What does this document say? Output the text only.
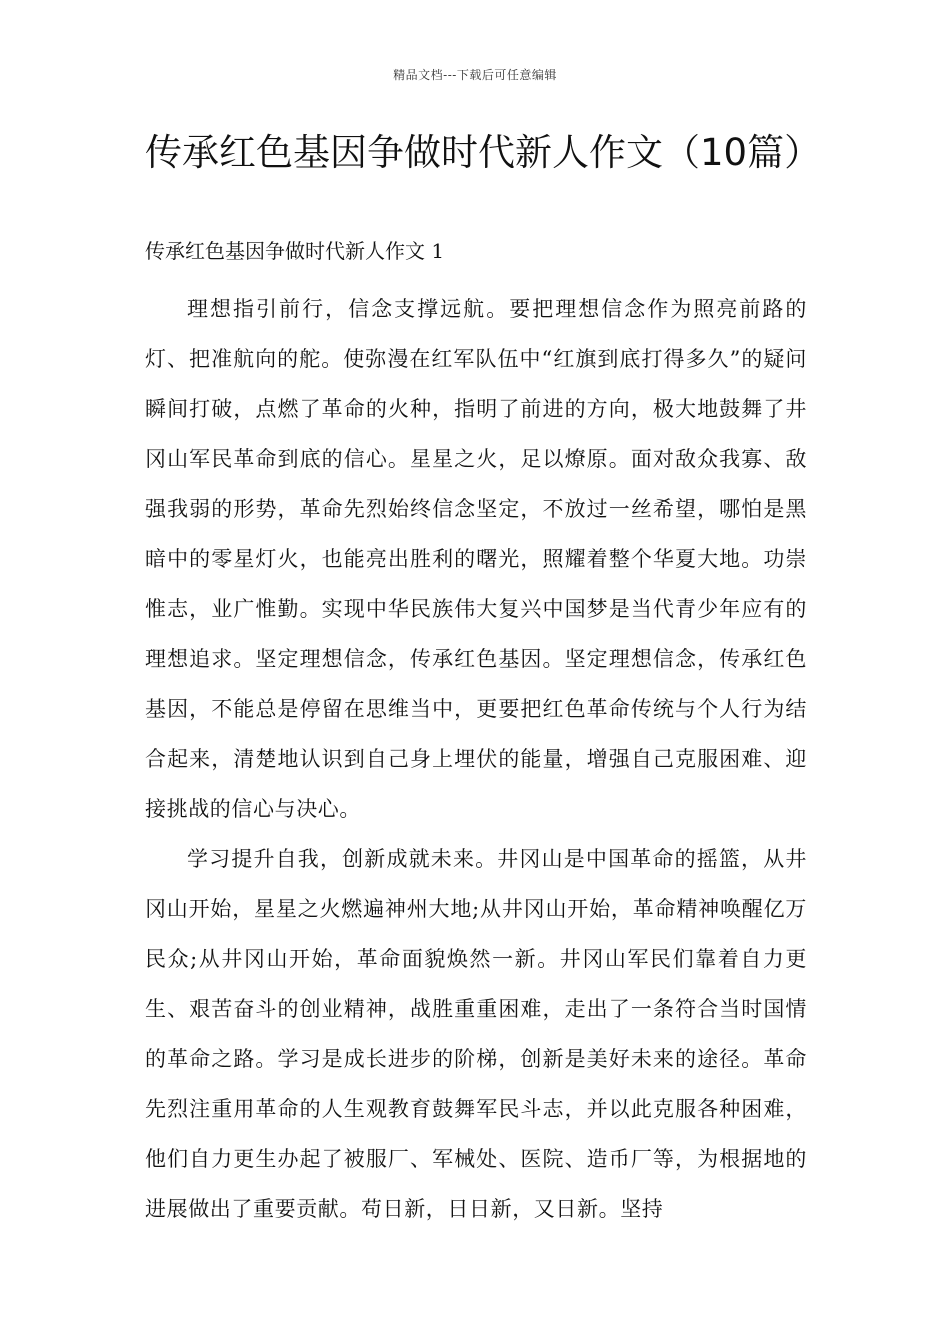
精品文档---下载后可任意编辑
传承红色基因争做时代新人作文（10篇）
传承红色基因争做时代新人作文 1

理想指引前行，信念支撑远航。要把理想信念作为照亮前路的灯、把准航向的舵。使弥漫在红军队伍中“红旗到底打得多久”的疑问瞬间打破，点燃了革命的火种，指明了前进的方向，极大地鼓舞了井冈山军民革命到底的信心。星星之火，足以燎原。面对敌众我寡、敌强我弱的形势，革命先烈始终信念坚定，不放过一丝希望，哪怕是黑暗中的零星灯火，也能亮出胜利的曙光，照耀着整个华夏大地。功崇惟志，业广惟勤。实现中华民族伟大复兴中国梦是当代青少年应有的理想追求。坚定理想信念，传承红色基因。坚定理想信念，传承红色基因，不能总是停留在思维当中，更要把红色革命传统与个人行为结合起来，清楚地认识到自己身上埋伏的能量，增强自己克服困难、迎接挑战的信心与决心。

学习提升自我，创新成就未来。井冈山是中国革命的摇篮，从井冈山开始，星星之火燃遍神州大地;从井冈山开始，革命精神唤醒亿万民众;从井冈山开始，革命面貌焕然一新。井冈山军民们靠着自力更生、艰苦奋斗的创业精神，战胜重重困难，走出了一条符合当时国情的革命之路。学习是成长进步的阶梯，创新是美好未来的途径。革命先烈注重用革命的人生观教育鼓舞军民斗志，并以此克服各种困难，他们自力更生办起了被服厂、军械处、医院、造币厂等，为根据地的进展做出了重要贡献。苟日新，日日新，又日新。坚持
